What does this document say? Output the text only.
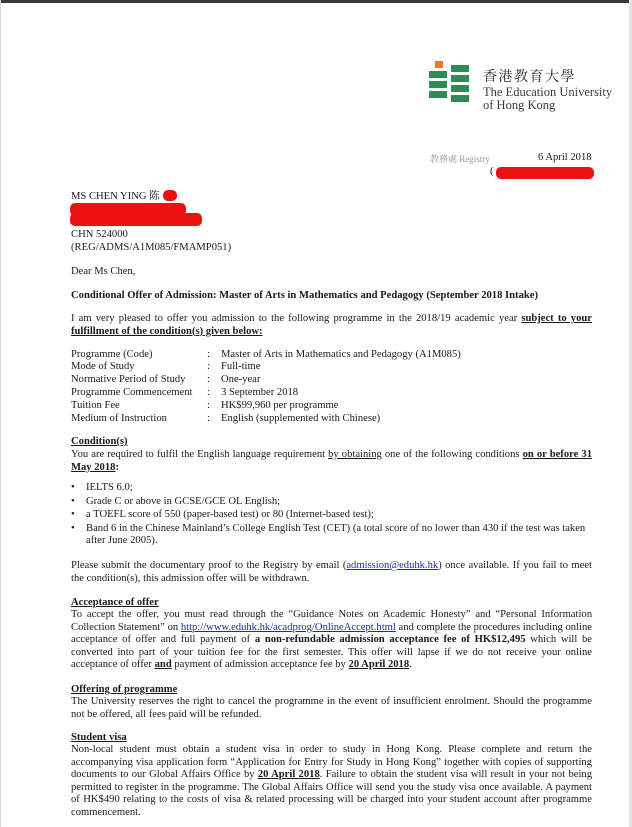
香港教育大學
The Education University
of Hong Kong
教務處 Registry	6 April 2018
(
MS CHEN YING 陈
CHN 524000
(REG/ADMS/A1M085/FMAMP051)
Dear Ms Chen,
Conditional Offer of Admission: Master of Arts in Mathematics and Pedagogy (September 2018 Intake)
I am very pleased to offer you admission to the following programme in the 2018/19 academic year subject to your fulfillment of the condition(s) given below:
Programme (Code)	: Master of Arts in Mathematics and Pedagogy (A1M085)
Mode of Study	: Full-time
Normative Period of Study : One-year
Programme Commencement : 3 September 2018
Tuition Fee	: HK$99,960 per programme
Medium of Instruction	: English (supplemented with Chinese)
Condition(s)
You are required to fulfil the English language requirement by obtaining one of the following conditions on or before 31 May 2018:
• IELTS 6.0;
• Grade C or above in GCSE/GCE OL English;
• a TOEFL score of 550 (paper-based test) or 80 (Internet-based test);
• Band 6 in the Chinese Mainland’s College English Test (CET) (a total score of no lower than 430 if the test was taken after June 2005).
Please submit the documentary proof to the Registry by email (admission@eduhk.hk) once available. If you fail to meet the condition(s), this admission offer will be withdrawn.
Acceptance of offer
To accept the offer, you must read through the “Guidance Notes on Academic Honesty” and “Personal Information Collection Statement” on http://www.eduhk.hk/acadprog/OnlineAccept.html and complete the procedures including online acceptance of offer and full payment of a non-refundable admission acceptance fee of HK$12,495 which will be converted into part of your tuition fee for the first semester. This offer will lapse if we do not receive your online acceptance of offer and payment of admission acceptance fee by 20 April 2018.
Offering of programme
The University reserves the right to cancel the programme in the event of insufficient enrolment. Should the programme not be offered, all fees paid will be refunded.
Student visa
Non-local student must obtain a student visa in order to study in Hong Kong. Please complete and return the accompanying visa application form “Application for Entry for Study in Hong Kong” together with copies of supporting documents to our Global Affairs Office by 20 April 2018. Failure to obtain the student visa will result in your not being permitted to register in the programme. The Global Affairs Office will send you the study visa once available. A payment of HK$490 relating to the costs of visa & related processing will be charged into your student account after programme commencement.
